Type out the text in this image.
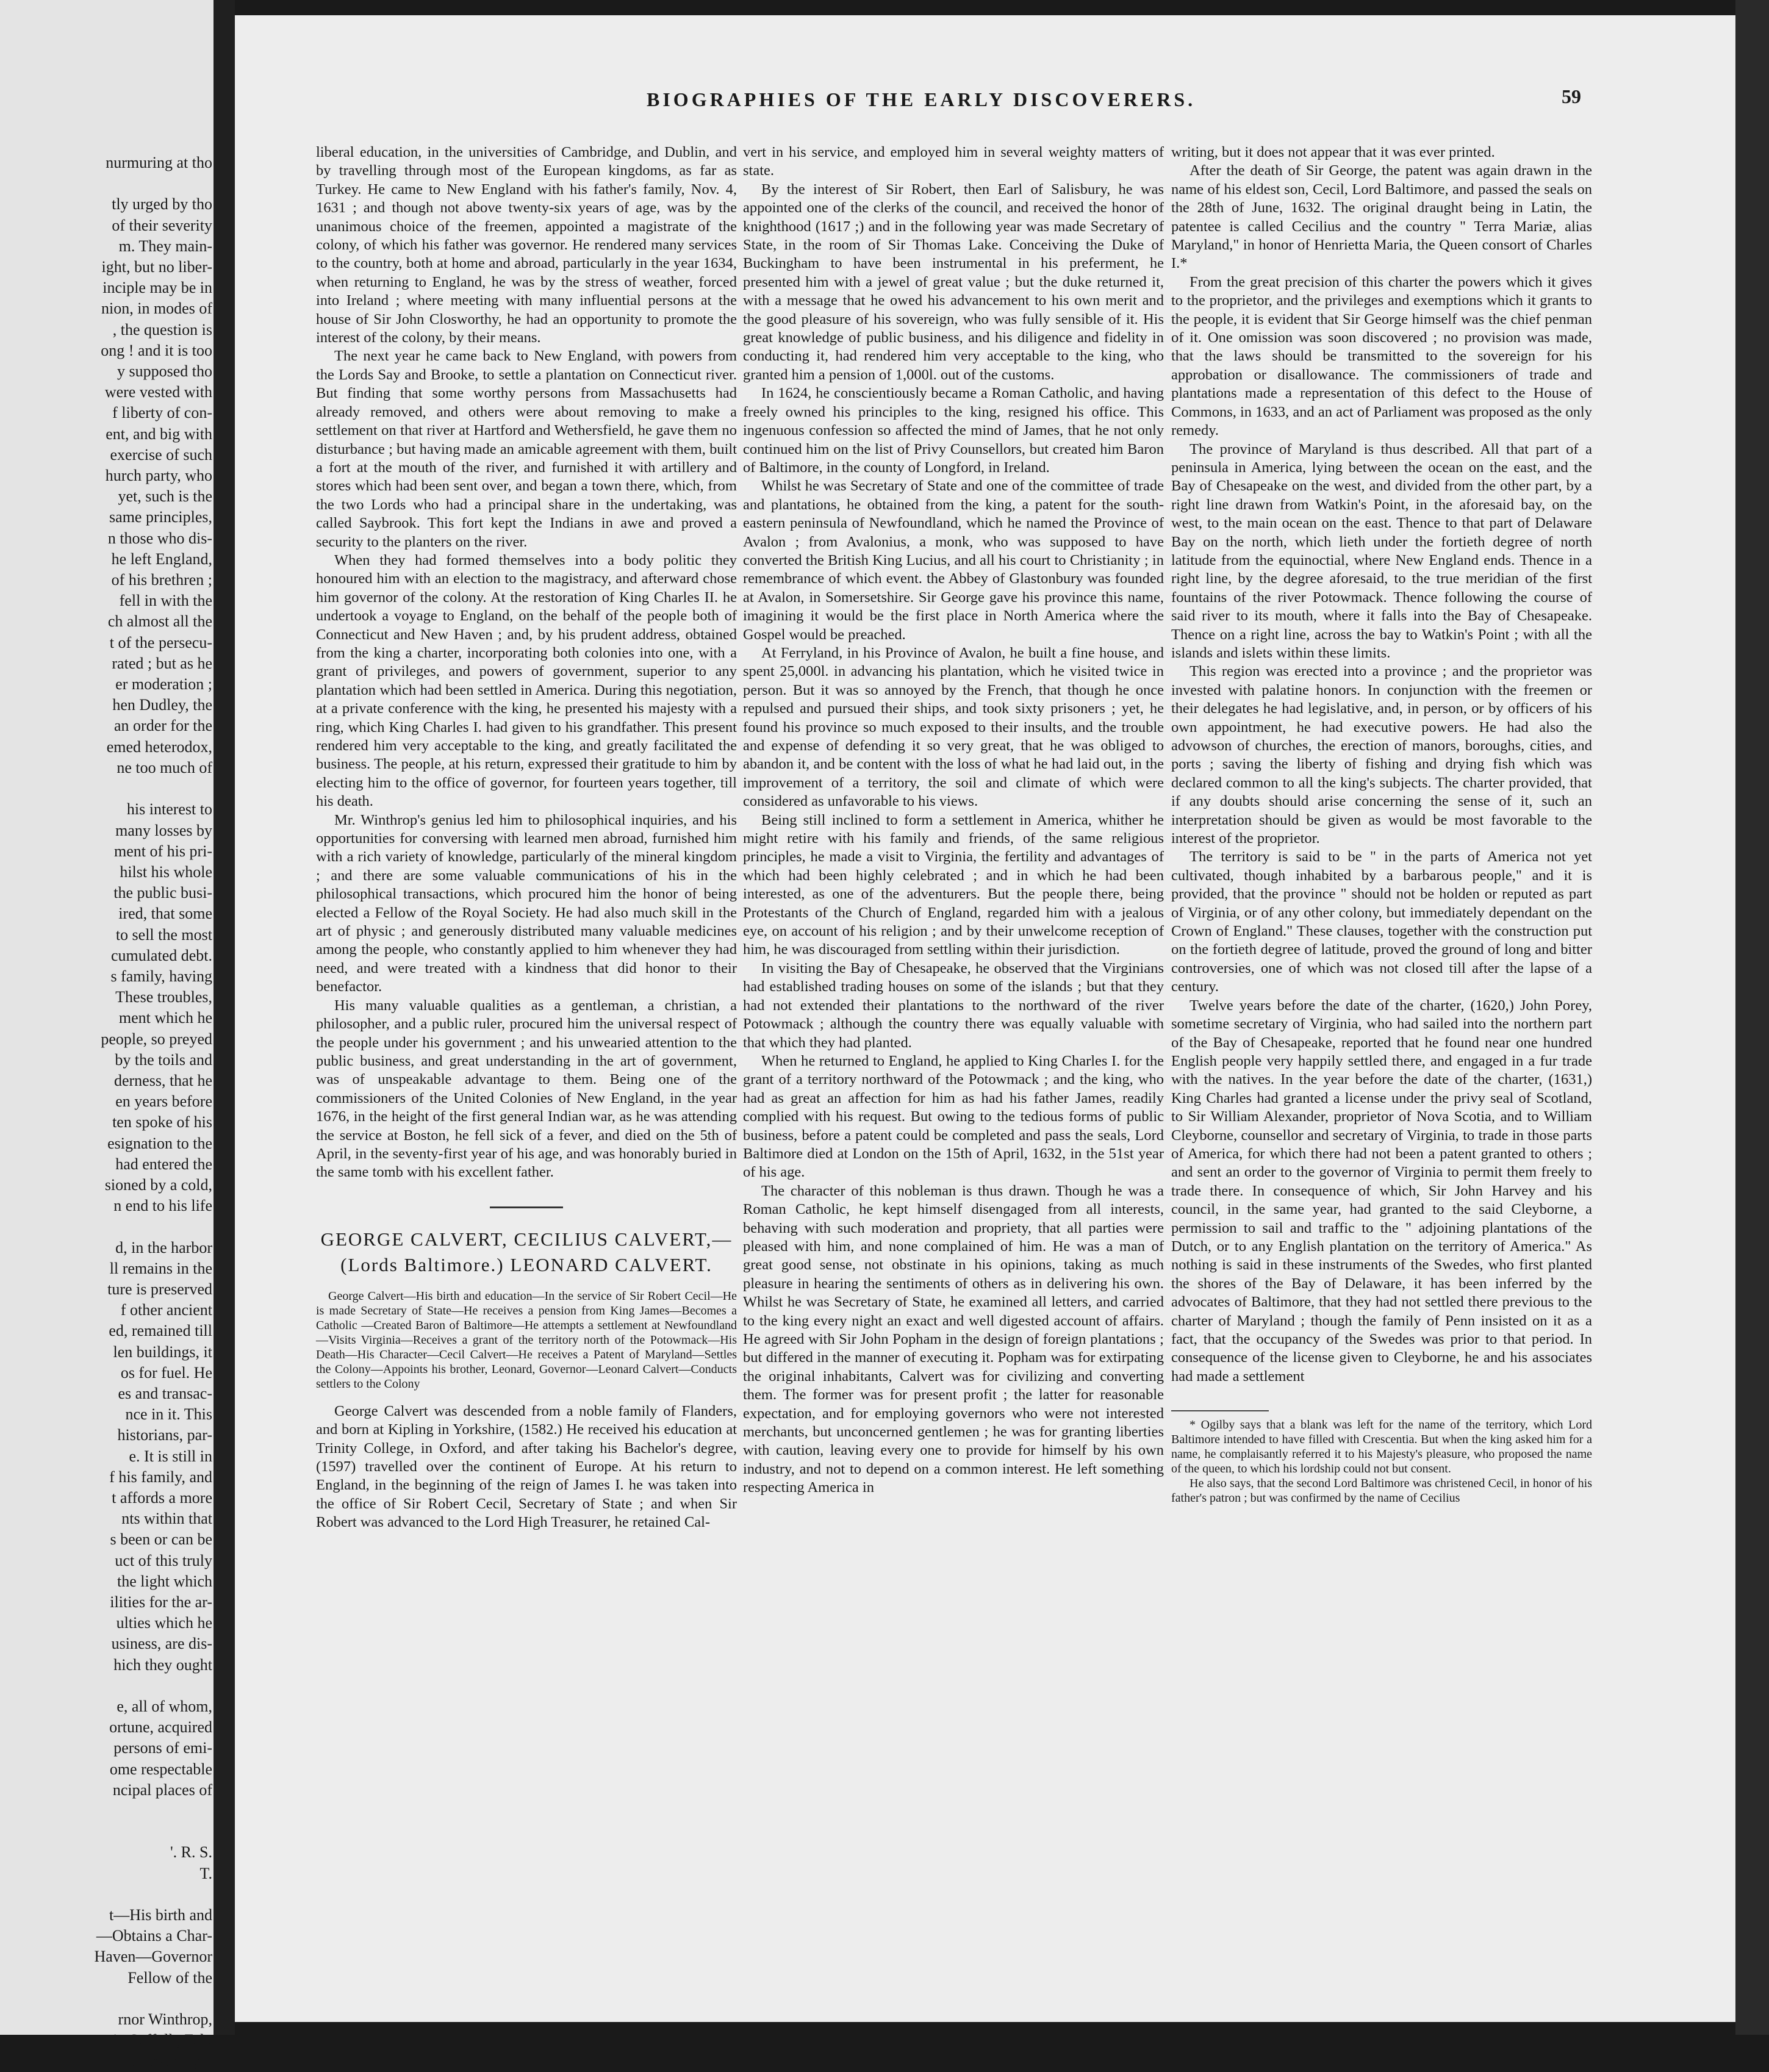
nurmuring at tho

tly urged by tho
of their severity
m. They main-
ight, but no liber-
inciple may be in
nion, in modes of
, the question is
ong ! and it is too
y supposed tho
were vested with
f liberty of con-
ent, and big with
exercise of such
hurch party, who
yet, such is the
same principles,
n those who dis-
he left England,
of his brethren ;
fell in with the
ch almost all the
t of the persecu-
rated ; but as he
er moderation ;
hen Dudley, the
an order for the
emed heterodox,
ne too much of

his interest to
many losses by
ment of his pri-
hilst his whole
the public busi-
ired, that some
to sell the most
cumulated debt.
s family, having
These troubles,
ment which he
people, so preyed
by the toils and
derness, that he
en years before
ten spoke of his
esignation to the
had entered the
sioned by a cold,
n end to his life

d, in the harbor
ll remains in the
ture is preserved
f other ancient
ed, remained till
len buildings, it
os for fuel. He
es and transac-
nce in it. This
historians, par-
e. It is still in
f his family, and
t affords a more
nts within that
s been or can be
uct of this truly
the light which
ilities for the ar-
ulties which he
usiness, are dis-
hich they ought

e, all of whom,
ortune, acquired
persons of emi-
ome respectable
ncipal places of

'. R. S.
T.

t—His birth and
—Obtains a Char-
Haven—Governor
Fellow of the

rnor Winthrop,
in Suffolk, Feb.
improved by u
BIOGRAPHIES OF THE EARLY DISCOVERERS.	59

liberal education, in the universities of Cambridge, and Dublin, and by travelling through most of the European kingdoms, as far as Turkey. He came to New England with his father's family, Nov. 4, 1631 ; and though not above twenty-six years of age, was by the unanimous choice of the freemen, appointed a magistrate of the colony, of which his father was governor. He rendered many services to the country, both at home and abroad, particularly in the year 1634, when returning to England, he was by the stress of weather, forced into Ireland ; where meeting with many influential persons at the house of Sir John Closworthy, he had an opportunity to promote the interest of the colony, by their means.

The next year he came back to New England, with powers from the Lords Say and Brooke, to settle a plantation on Connecticut river. But finding that some worthy persons from Massachusetts had already removed, and others were about removing to make a settlement on that river at Hartford and Wethersfield, he gave them no disturbance ; but having made an amicable agreement with them, built a fort at the mouth of the river, and furnished it with artillery and stores which had been sent over, and began a town there, which, from the two Lords who had a principal share in the undertaking, was called Saybrook. This fort kept the Indians in awe and proved a security to the planters on the river.

When they had formed themselves into a body politic they honoured him with an election to the magistracy, and afterward chose him governor of the colony. At the restoration of King Charles II. he undertook a voyage to England, on the behalf of the people both of Connecticut and New Haven ; and, by his prudent address, obtained from the king a charter, incorporating both colonies into one, with a grant of privileges, and powers of government, superior to any plantation which had been settled in America. During this negotiation, at a private conference with the king, he presented his majesty with a ring, which King Charles I. had given to his grandfather. This present rendered him very acceptable to the king, and greatly facilitated the business. The people, at his return, expressed their gratitude to him by electing him to the office of governor, for fourteen years together, till his death.

Mr. Winthrop's genius led him to philosophical inquiries, and his opportunities for conversing with learned men abroad, furnished him with a rich variety of knowledge, particularly of the mineral kingdom ; and there are some valuable communications of his in the philosophical transactions, which procured him the honor of being elected a Fellow of the Royal Society. He had also much skill in the art of physic ; and generously distributed many valuable medicines among the people, who constantly applied to him whenever they had need, and were treated with a kindness that did honor to their benefactor.

His many valuable qualities as a gentleman, a christian, a philosopher, and a public ruler, procured him the universal respect of the people under his government ; and his unwearied attention to the public business, and great understanding in the art of government, was of unspeakable advantage to them. Being one of the commissioners of the United Colonies of New England, in the year 1676, in the height of the first general Indian war, as he was attending the service at Boston, he fell sick of a fever, and died on the 5th of April, in the seventy-first year of his age, and was honorably buried in the same tomb with his excellent father.

GEORGE CALVERT, CECILIUS CALVERT,—

(Lords Baltimore.) LEONARD CALVERT.

George Calvert—His birth and education—In the service of Sir Robert Cecil—He is made Secretary of State—He receives a pension from King James—Becomes a Catholic —Created Baron of Baltimore—He attempts a settlement at Newfoundland—Visits Virginia—Receives a grant of the territory north of the Potowmack—His Death—His Character—Cecil Calvert—He receives a Patent of Maryland—Settles the Colony—Appoints his brother, Leonard, Governor—Leonard Calvert—Conducts settlers to the Colony

George Calvert was descended from a noble family of Flanders, and born at Kipling in Yorkshire, (1582.) He received his education at Trinity College, in Oxford, and after taking his Bachelor's degree, (1597) travelled over the continent of Europe. At his return to England, in the beginning of the reign of James I. he was taken into the office of Sir Robert Cecil, Secretary of State ; and when Sir Robert was advanced to the Lord High Treasurer, he retained Cal-

vert in his service, and employed him in several weighty matters of state.

By the interest of Sir Robert, then Earl of Salisbury, he was appointed one of the clerks of the council, and received the honor of knighthood (1617 ;) and in the following year was made Secretary of State, in the room of Sir Thomas Lake. Conceiving the Duke of Buckingham to have been instrumental in his preferment, he presented him with a jewel of great value ; but the duke returned it, with a message that he owed his advancement to his own merit and the good pleasure of his sovereign, who was fully sensible of it. His great knowledge of public business, and his diligence and fidelity in conducting it, had rendered him very acceptable to the king, who granted him a pension of 1,000l. out of the customs.

In 1624, he conscientiously became a Roman Catholic, and having freely owned his principles to the king, resigned his office. This ingenuous confession so affected the mind of James, that he not only continued him on the list of Privy Counsellors, but created him Baron of Baltimore, in the county of Longford, in Ireland.

Whilst he was Secretary of State and one of the committee of trade and plantations, he obtained from the king, a patent for the south-eastern peninsula of Newfoundland, which he named the Province of Avalon ; from Avalonius, a monk, who was supposed to have converted the British King Lucius, and all his court to Christianity ; in remembrance of which event. the Abbey of Glastonbury was founded at Avalon, in Somersetshire. Sir George gave his province this name, imagining it would be the first place in North America where the Gospel would be preached.

At Ferryland, in his Province of Avalon, he built a fine house, and spent 25,000l. in advancing his plantation, which he visited twice in person. But it was so annoyed by the French, that though he once repulsed and pursued their ships, and took sixty prisoners ; yet, he found his province so much exposed to their insults, and the trouble and expense of defending it so very great, that he was obliged to abandon it, and be content with the loss of what he had laid out, in the improvement of a territory, the soil and climate of which were considered as unfavorable to his views.

Being still inclined to form a settlement in America, whither he might retire with his family and friends, of the same religious principles, he made a visit to Virginia, the fertility and advantages of which had been highly celebrated ; and in which he had been interested, as one of the adventurers. But the people there, being Protestants of the Church of England, regarded him with a jealous eye, on account of his religion ; and by their unwelcome reception of him, he was discouraged from settling within their jurisdiction.

In visiting the Bay of Chesapeake, he observed that the Virginians had established trading houses on some of the islands ; but that they had not extended their plantations to the northward of the river Potowmack ; although the country there was equally valuable with that which they had planted.

When he returned to England, he applied to King Charles I. for the grant of a territory northward of the Potowmack ; and the king, who had as great an affection for him as had his father James, readily complied with his request. But owing to the tedious forms of public business, before a patent could be completed and pass the seals, Lord Baltimore died at London on the 15th of April, 1632, in the 51st year of his age.

The character of this nobleman is thus drawn. Though he was a Roman Catholic, he kept himself disengaged from all interests, behaving with such moderation and propriety, that all parties were pleased with him, and none complained of him. He was a man of great good sense, not obstinate in his opinions, taking as much pleasure in hearing the sentiments of others as in delivering his own. Whilst he was Secretary of State, he examined all letters, and carried to the king every night an exact and well digested account of affairs. He agreed with Sir John Popham in the design of foreign plantations ; but differed in the manner of executing it. Popham was for extirpating the original inhabitants, Calvert was for civilizing and converting them. The former was for present profit ; the latter for reasonable expectation, and for employing governors who were not interested merchants, but unconcerned gentlemen ; he was for granting liberties with caution, leaving every one to provide for himself by his own industry, and not to depend on a common interest. He left something respecting America in

writing, but it does not appear that it was ever printed.

After the death of Sir George, the patent was again drawn in the name of his eldest son, Cecil, Lord Baltimore, and passed the seals on the 28th of June, 1632. The original draught being in Latin, the patentee is called Cecilius and the country " Terra Mariæ, alias Maryland," in honor of Henrietta Maria, the Queen consort of Charles I.*

From the great precision of this charter the powers which it gives to the proprietor, and the privileges and exemptions which it grants to the people, it is evident that Sir George himself was the chief penman of it. One omission was soon discovered ; no provision was made, that the laws should be transmitted to the sovereign for his approbation or disallowance. The commissioners of trade and plantations made a representation of this defect to the House of Commons, in 1633, and an act of Parliament was proposed as the only remedy.

The province of Maryland is thus described. All that part of a peninsula in America, lying between the ocean on the east, and the Bay of Chesapeake on the west, and divided from the other part, by a right line drawn from Watkin's Point, in the aforesaid bay, on the west, to the main ocean on the east. Thence to that part of Delaware Bay on the north, which lieth under the fortieth degree of north latitude from the equinoctial, where New England ends. Thence in a right line, by the degree aforesaid, to the true meridian of the first fountains of the river Potowmack. Thence following the course of said river to its mouth, where it falls into the Bay of Chesapeake. Thence on a right line, across the bay to Watkin's Point ; with all the islands and islets within these limits.

This region was erected into a province ; and the proprietor was invested with palatine honors. In conjunction with the freemen or their delegates he had legislative, and, in person, or by officers of his own appointment, he had executive powers. He had also the advowson of churches, the erection of manors, boroughs, cities, and ports ; saving the liberty of fishing and drying fish which was declared common to all the king's subjects. The charter provided, that if any doubts should arise concerning the sense of it, such an interpretation should be given as would be most favorable to the interest of the proprietor.

The territory is said to be " in the parts of America not yet cultivated, though inhabited by a barbarous people," and it is provided, that the province " should not be holden or reputed as part of Virginia, or of any other colony, but immediately dependant on the Crown of England." These clauses, together with the construction put on the fortieth degree of latitude, proved the ground of long and bitter controversies, one of which was not closed till after the lapse of a century.

Twelve years before the date of the charter, (1620,) John Porey, sometime secretary of Virginia, who had sailed into the northern part of the Bay of Chesapeake, reported that he found near one hundred English people very happily settled there, and engaged in a fur trade with the natives. In the year before the date of the charter, (1631,) King Charles had granted a license under the privy seal of Scotland, to Sir William Alexander, proprietor of Nova Scotia, and to William Cleyborne, counsellor and secretary of Virginia, to trade in those parts of America, for which there had not been a patent granted to others ; and sent an order to the governor of Virginia to permit them freely to trade there. In consequence of which, Sir John Harvey and his council, in the same year, had granted to the said Cleyborne, a permission to sail and traffic to the " adjoining plantations of the Dutch, or to any English plantation on the territory of America." As nothing is said in these instruments of the Swedes, who first planted the shores of the Bay of Delaware, it has been inferred by the advocates of Baltimore, that they had not settled there previous to the charter of Maryland ; though the family of Penn insisted on it as a fact, that the occupancy of the Swedes was prior to that period. In consequence of the license given to Cleyborne, he and his associates had made a settlement

* Ogilby says that a blank was left for the name of the territory, which Lord Baltimore intended to have filled with Crescentia. But when the king asked him for a name, he complaisantly referred it to his Majesty's pleasure, who proposed the name of the queen, to which his lordship could not but consent.

He also says, that the second Lord Baltimore was christened Cecil, in honor of his father's patron ; but was confirmed by the name of Cecilius
